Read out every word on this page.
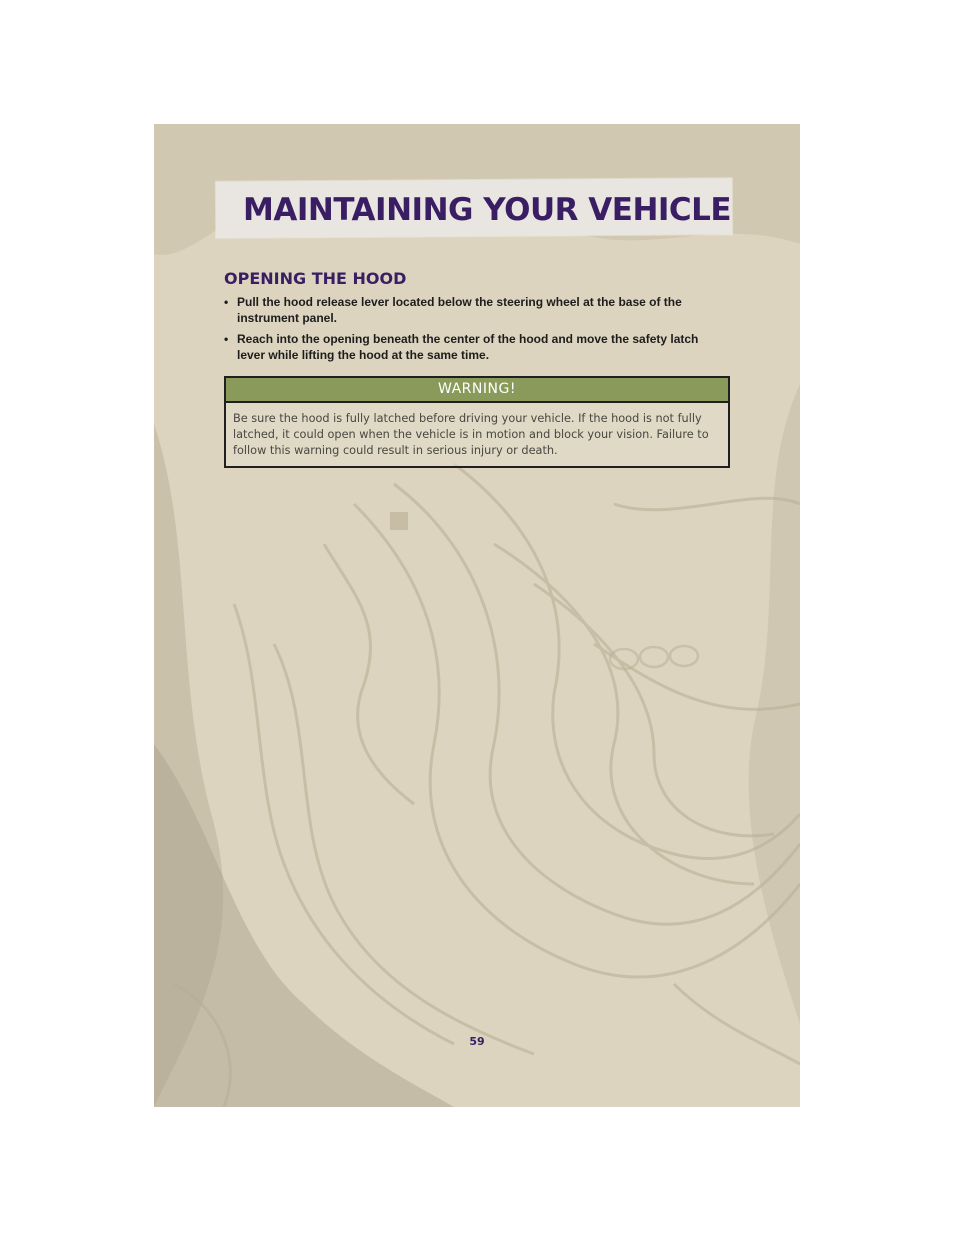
MAINTAINING YOUR VEHICLE
OPENING THE HOOD
• Pull the hood release lever located below the steering wheel at the base of the instrument panel.
• Reach into the opening beneath the center of the hood and move the safety latch lever while lifting the hood at the same time.
WARNING!

Be sure the hood is fully latched before driving your vehicle. If the hood is not fully latched, it could open when the vehicle is in motion and block your vision. Failure to follow this warning could result in serious injury or death.

59
